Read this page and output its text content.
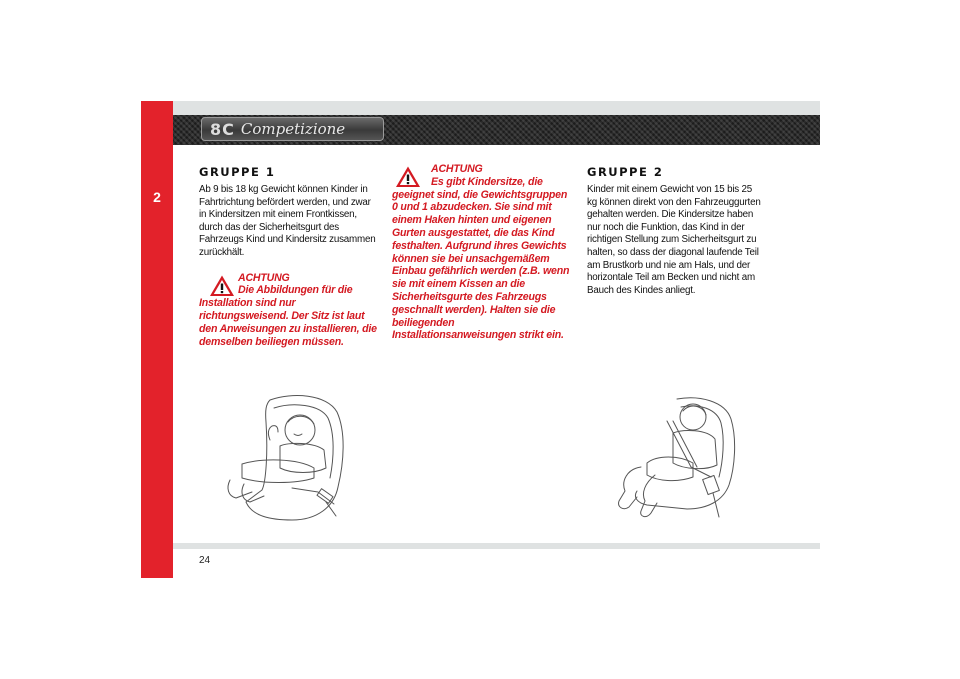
2
8C Competizione
GRUPPE 1

Ab 9 bis 18 kg Gewicht können Kinder in Fahrtrichtung befördert werden, und zwar in Kindersitzen mit einem Frontkissen, durch das der Sicherheitsgurt des Fahrzeugs Kind und Kindersitz zusammen zurückhält.

ACHTUNG
Die Abbildungen für die
Installation sind nur richtungsweisend. Der Sitz ist laut den Anweisungen zu installieren, die demselben beiliegen müssen.
ACHTUNG
Es gibt Kindersitze, die
geeignet sind, die Gewichtsgruppen 0 und 1 abzudecken. Sie sind mit einem Haken hinten und eigenen Gurten ausgestattet, die das Kind festhalten. Aufgrund ihres Gewichts können sie bei unsachgemäßem Einbau gefährlich werden (z.B. wenn sie mit einem Kissen an die Sicherheitsgurte des Fahrzeugs geschnallt werden). Halten sie die beiliegenden Installationsanweisungen strikt ein.
GRUPPE 2

Kinder mit einem Gewicht von 15 bis 25 kg können direkt von den Fahrzeuggurten gehalten werden. Die Kindersitze haben nur noch die Funktion, das Kind in der richtigen Stellung zum Sicherheitsgurt zu halten, so dass der diagonal laufende Teil am Brustkorb und nie am Hals, und der horizontale Teil am Becken und nicht am Bauch des Kindes anliegt.

24
